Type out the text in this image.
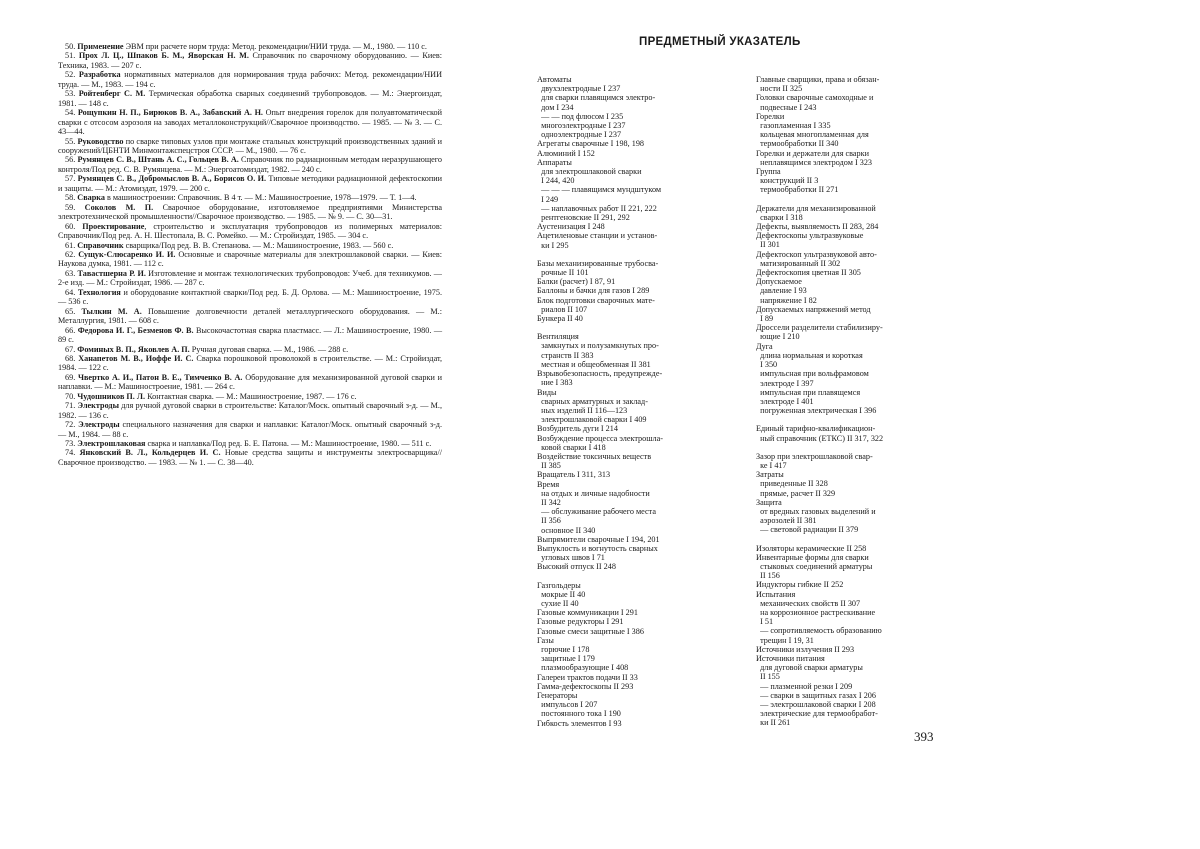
50. Применение ЭВМ при расчете норм труда: Метод. рекомендации/НИИ труда. — М., 1980. — 110 с.

51. Прох Л. Ц., Шпаков Б. М., Яворская Н. М. Справочник по сварочному оборудованию. — Киев: Техника, 1983. — 207 с.

52. Разработка нормативных материалов для нормирования труда рабочих: Метод. рекомендации/НИИ труда. — М., 1983. — 194 с.

53. Ройтенберг С. М. Термическая обработка сварных соединений трубопроводов. — М.: Энергоиздат, 1981. — 148 с.

54. Рощупкин Н. П., Бирюков В. А., Забавский А. Н. Опыт внедрения горелок для полуавтоматической сварки с отсосом аэрозоля на заводах металлоконструкций//Сварочное производство. — 1985. — № 3. — С. 43—44.

55. Руководство по сварке типовых узлов при монтаже стальных конструкций производственных зданий и сооружений/ЦБНТИ Минмонтажспецстроя СССР. — М., 1980. — 76 с.

56. Румянцев С. В., Штань А. С., Гольцев В. А. Справочник по радиационным методам неразрушающего контроля/Под ред. С. В. Румянцева. — М.: Энергоатомиздат, 1982. — 240 с.

57. Румянцев С. В., Добромыслов В. А., Борисов О. И. Типовые методики радиационной дефектоскопии и защиты. — М.: Атомиздат, 1979. — 200 с.

58. Сварка в машиностроении: Справочник. В 4 т. — М.: Машиностроение, 1978—1979. — Т. 1—4.

59. Соколов М. П. Сварочное оборудование, изготовляемое предприятиями Министерства электротехнической промышленности//Сварочное производство. — 1985. — № 9. — С. 30—31.

60. Проектирование, строительство и эксплуатация трубопроводов из полимерных материалов: Справочник/Под ред. А. Н. Шестопала, В. С. Ромейко. — М.: Стройиздат, 1985. — 304 с.

61. Справочник сварщика/Под ред. В. В. Степанова. — М.: Машиностроение, 1983. — 560 с.

62. Сущук-Слюсаренко И. И. Основные и сварочные материалы для электрошлаковой сварки. — Киев: Наукова думка, 1981. — 112 с.

63. Тавастшерна Р. И. Изготовление и монтаж технологических трубопроводов: Учеб. для техникумов. — 2-е изд. — М.: Стройиздат, 1986. — 287 с.

64. Технология и оборудование контактной сварки/Под ред. Б. Д. Орлова. — М.: Машиностроение, 1975. — 536 с.

65. Тылкин М. А. Повышение долговечности деталей металлургического оборудования. — М.: Металлургия, 1981. — 608 с.

66. Федорова И. Г., Безменов Ф. В. Высокочастотная сварка пластмасс. — Л.: Машиностроение, 1980. — 89 с.

67. Фоминых В. П., Яковлев А. П. Ручная дуговая сварка. — М., 1986. — 288 с.

68. Ханапетов М. В., Иоффе И. С. Сварка порошковой проволокой в строительстве. — М.: Стройиздат, 1984. — 122 с.

69. Чвертко А. И., Патон В. Е., Тимченко В. А. Оборудование для механизированной дуговой сварки и наплавки. — М.: Машиностроение, 1981. — 264 с.

70. Чудошников П. Л. Контактная сварка. — М.: Машиностроение, 1987. — 176 с.

71. Электроды для ручной дуговой сварки в строительстве: Каталог/Моск. опытный сварочный з-д. — М., 1982. — 136 с.

72. Электроды специального назначения для сварки и наплавки: Каталог/Моск. опытный сварочный з-д. — М., 1984. — 88 с.

73. Электрошлаковая сварка и наплавка/Под ред. Б. Е. Патона. — М.: Машиностроение, 1980. — 511 с.

74. Янковский В. Л., Кольдерцев И. С. Новые средства защиты и инструменты электросварщика//Сварочное производство. — 1983. — № 1. — С. 38—40.

ПРЕДМЕТНЫЙ УКАЗАТЕЛЬ
Автоматы
двухэлектродные I 237
для сварки плавящимся электро-
дом I 234
— — под флюсом I 235
многоэлектродные I 237
одноэлектродные I 237
Агрегаты сварочные I 198, 198
Алюминий I 152
Аппараты
для электрошлаковой сварки
I 244, 420
— — — плавящимся мундштуком
I 249
— наплавочных работ II 221, 222
рентгеновские II 291, 292
Аустенизация I 248
Ацетиленовые станции и установ-
ки I 295
Базы механизированные трубосва-
рочные II 101
Балки (расчет) I 87, 91
Баллоны и бачки для газов I 289
Блок подготовки сварочных мате-
риалов II 107
Бункера II 40
Вентиляция
замкнутых и полузамкнутых про-
странств II 383
местная и общеобменная II 381
Взрывобезопасность, предупрежде-
ние I 383
Виды
сварных арматурных и заклад-
ных изделий II 116—123
электрошлаковой сварки I 409
Возбудитель дуги I 214
Возбуждение процесса электрошла-
ковой сварки I 418
Воздействие токсичных веществ
II 385
Вращатель I 311, 313
Время
на отдых и личные надобности
II 342
— обслуживание рабочего места
II 356
основное II 340
Выпрямители сварочные I 194, 201
Выпуклость и вогнутость сварных
угловых швов I 71
Высокий отпуск II 248
Газгольдеры
мокрые II 40
сухие II 40
Газовые коммуникации I 291
Газовые редукторы I 291
Газовые смеси защитные I 386
Газы
горючие I 178
защитные I 179
плазмообразующие I 408
Галереи трактов подачи II 33
Гамма-дефектоскопы II 293
Генераторы
импульсов I 207
постоянного тока I 190
Гибкость элементов I 93
Главные сварщики, права и обязан-
ности II 325
Головки сварочные самоходные и
подвесные I 243
Горелки
газопламенная I 335
кольцевая многопламенная для
термообработки II 340
Горелки и держатели для сварки
неплавящимся электродом I 323
Группа
конструкций II 3
термообработки II 271
Держатели для механизированной
сварки I 318
Дефекты, выявляемость II 283, 284
Дефектоскопы ультразвуковые
II 301
Дефектоскоп ультразвуковой авто-
матизированный II 302
Дефектоскопия цветная II 305
Допускаемое
давление I 93
напряжение I 82
Допускаемых напряжений метод
I 89
Дроссели разделители стабилизиру-
ющие I 210
Дуга
длина нормальная и короткая
I 350
импульсная при вольфрамовом
электроде I 397
импульсная при плавящемся
электроде I 401
погруженная электрическая I 396
Единый тарифно-квалификацион-
ный справочник (ЕТКС) II 317, 322
Зазор при электрошлаковой свар-
ке I 417
Затраты
приведенные II 328
прямые, расчет II 329
Защита
от вредных газовых выделений и
аэрозолей II 381
— световой радиации II 379
Изоляторы керамические II 258
Инвентарные формы для сварки
стыковых соединений арматуры
II 156
Индукторы гибкие II 252
Испытания
механических свойств II 307
на коррозионное растрескивание
I 51
— сопротивляемость образованию
трещин I 19, 31
Источники излучения II 293
Источники питания
для дуговой сварки арматуры
II 155
— плазменной резки I 209
— сварки в защитных газах I 206
— электрошлаковой сварки I 208
электрические для термообработ-
ки II 261
393
